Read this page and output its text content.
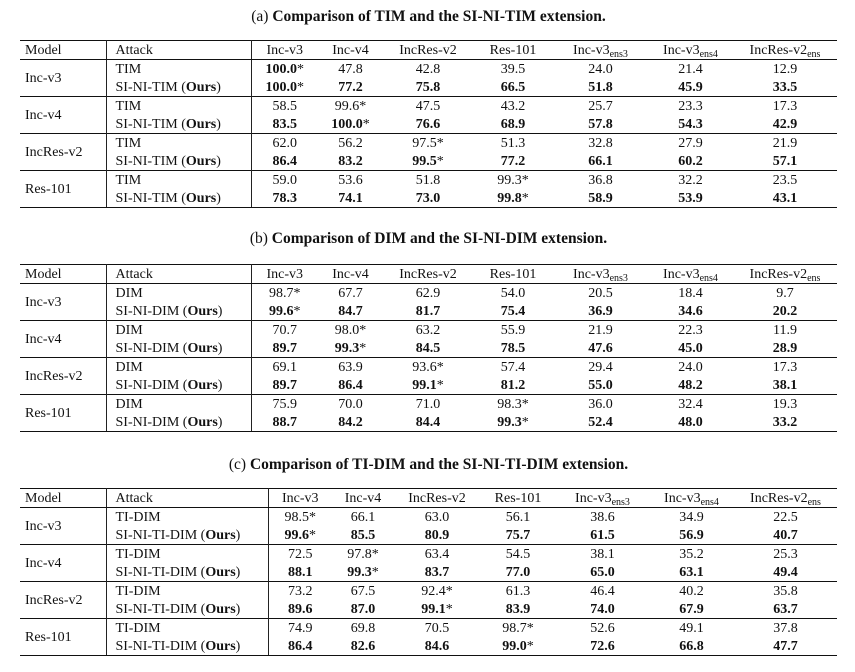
(a) Comparison of TIM and the SI-NI-TIM extension.
Model	Attack	Inc-v3	Inc-v4	IncRes-v2	Res-101	Inc-$v3_{ens3}$	Inc-$v3_{ens4}$	IncRes-$v2_{ens}$
Inc-v3	TIM	100.0*	47.8	42.8	39.5	24.0	21.4	12.9
	SI-NI-TIM (Ours)	100.0*	77.2	75.8	66.5	51.8	45.9	33.5
Inc-v4	TIM	58.5	99.6*	47.5	43.2	25.7	23.3	17.3
	SI-NI-TIM (Ours)	83.5	100.0*	76.6	68.9	57.8	54.3	42.9
IncRes-v2	TIM	62.0	56.2	97.5*	51.3	32.8	27.9	21.9
	SI-NI-TIM (Ours)	86.4	83.2	99.5*	77.2	66.1	60.2	57.1
Res-101	TIM	59.0	53.6	51.8	99.3*	36.8	32.2	23.5
	SI-NI-TIM (Ours)	78.3	74.1	73.0	99.8*	58.9	53.9	43.1
(b) Comparison of DIM and the SI-NI-DIM extension.
Model	Attack	Inc-v3	Inc-v4	IncRes-v2	Res-101	Inc-$v3_{ens3}$	Inc-$v3_{ens4}$	IncRes-$v2_{ens}$
Inc-v3	DIM	98.7*	67.7	62.9	54.0	20.5	18.4	9.7
	SI-NI-DIM (Ours)	99.6*	84.7	81.7	75.4	36.9	34.6	20.2
Inc-v4	DIM	70.7	98.0*	63.2	55.9	21.9	22.3	11.9
	SI-NI-DIM (Ours)	89.7	99.3*	84.5	78.5	47.6	45.0	28.9
IncRes-v2	DIM	69.1	63.9	93.6*	57.4	29.4	24.0	17.3
	SI-NI-DIM (Ours)	89.7	86.4	99.1*	81.2	55.0	48.2	38.1
Res-101	DIM	75.9	70.0	71.0	98.3*	36.0	32.4	19.3
	SI-NI-DIM (Ours)	88.7	84.2	84.4	99.3*	52.4	48.0	33.2
(c) Comparison of TI-DIM and the SI-NI-TI-DIM extension.
Model	Attack	Inc-v3	Inc-v4	IncRes-v2	Res-101	Inc-$v3_{ens3}$	Inc-$v3_{ens4}$	IncRes-$v2_{ens}$
Inc-v3	TI-DIM	98.5*	66.1	63.0	56.1	38.6	34.9	22.5
	SI-NI-TI-DIM (Ours)	99.6*	85.5	80.9	75.7	61.5	56.9	40.7
Inc-v4	TI-DIM	72.5	97.8*	63.4	54.5	38.1	35.2	25.3
	SI-NI-TI-DIM (Ours)	88.1	99.3*	83.7	77.0	65.0	63.1	49.4
IncRes-v2	TI-DIM	73.2	67.5	92.4*	61.3	46.4	40.2	35.8
	SI-NI-TI-DIM (Ours)	89.6	87.0	99.1*	83.9	74.0	67.9	63.7
Res-101	TI-DIM	74.9	69.8	70.5	98.7*	52.6	49.1	37.8
	SI-NI-TI-DIM (Ours)	86.4	82.6	84.6	99.0*	72.6	66.8	47.7
